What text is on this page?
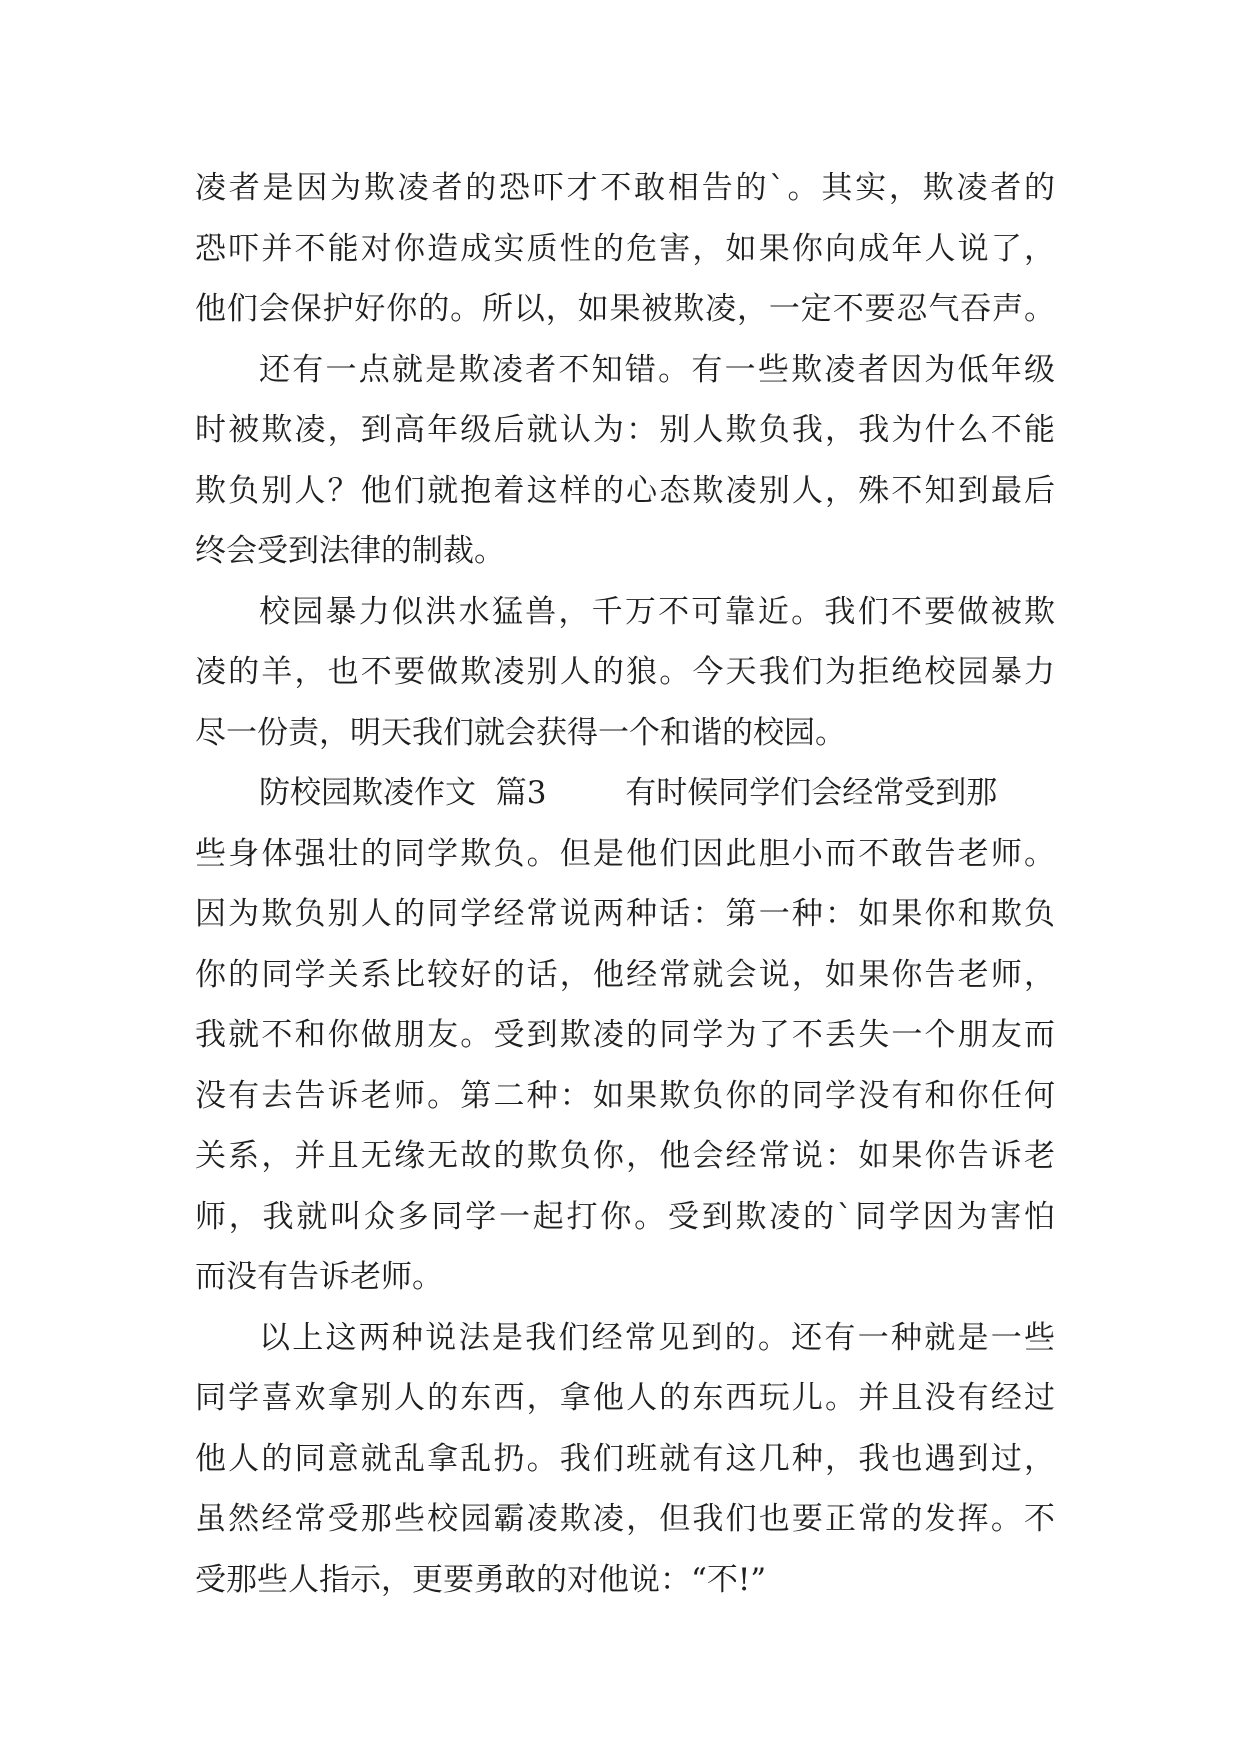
凌者是因为欺凌者的恐吓才不敢相告的`。其实，欺凌者的
恐吓并不能对你造成实质性的危害，如果你向成年人说了，
他们会保护好你的。所以，如果被欺凌，一定不要忍气吞声。
还有一点就是欺凌者不知错。有一些欺凌者因为低年级
时被欺凌，到高年级后就认为：别人欺负我，我为什么不能
欺负别人？他们就抱着这样的心态欺凌别人，殊不知到最后
终会受到法律的制裁。
校园暴力似洪水猛兽，千万不可靠近。我们不要做被欺
凌的羊，也不要做欺凌别人的狼。今天我们为拒绝校园暴力
尽一份责，明天我们就会获得一个和谐的校园。
防校园欺凌作文  篇3        有时候同学们会经常受到那
些身体强壮的同学欺负。但是他们因此胆小而不敢告老师。
因为欺负别人的同学经常说两种话：第一种：如果你和欺负
你的同学关系比较好的话，他经常就会说，如果你告老师，
我就不和你做朋友。受到欺凌的同学为了不丢失一个朋友而
没有去告诉老师。第二种：如果欺负你的同学没有和你任何
关系，并且无缘无故的欺负你，他会经常说：如果你告诉老
师，我就叫众多同学一起打你。受到欺凌的`同学因为害怕
而没有告诉老师。
以上这两种说法是我们经常见到的。还有一种就是一些
同学喜欢拿别人的东西，拿他人的东西玩儿。并且没有经过
他人的同意就乱拿乱扔。我们班就有这几种，我也遇到过，
虽然经常受那些校园霸凌欺凌，但我们也要正常的发挥。不
受那些人指示，更要勇敢的对他说：“不!”
